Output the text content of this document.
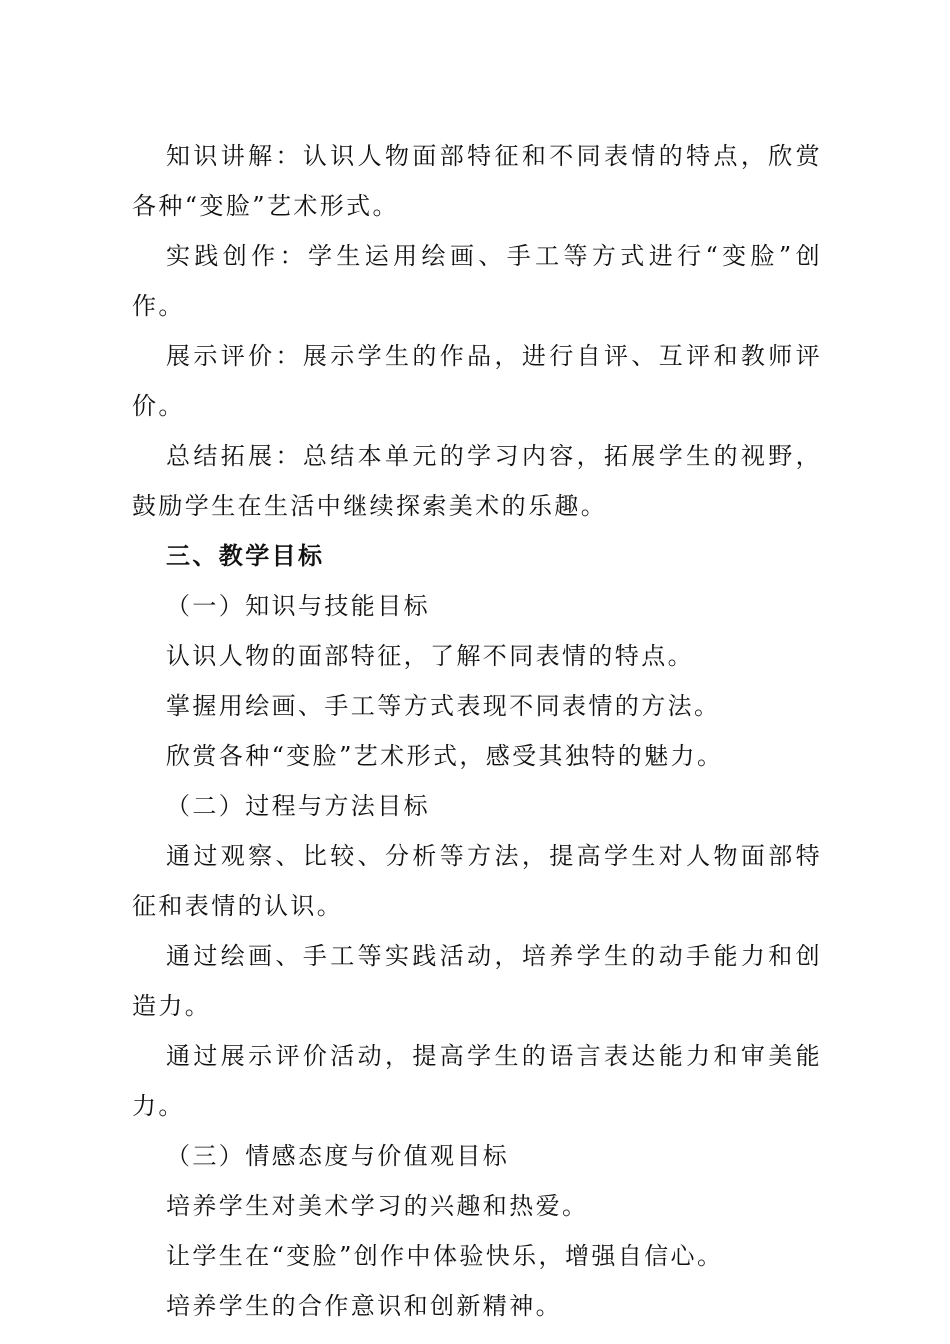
知识讲解：认识人物面部特征和不同表情的特点，欣赏各种“变脸”艺术形式。

实践创作：学生运用绘画、手工等方式进行“变脸”创作。

展示评价：展示学生的作品，进行自评、互评和教师评价。

总结拓展：总结本单元的学习内容，拓展学生的视野，鼓励学生在生活中继续探索美术的乐趣。

三、教学目标

（一）知识与技能目标

认识人物的面部特征，了解不同表情的特点。

掌握用绘画、手工等方式表现不同表情的方法。

欣赏各种“变脸”艺术形式，感受其独特的魅力。

（二）过程与方法目标

通过观察、比较、分析等方法，提高学生对人物面部特征和表情的认识。

通过绘画、手工等实践活动，培养学生的动手能力和创造力。

通过展示评价活动，提高学生的语言表达能力和审美能力。

（三）情感态度与价值观目标

培养学生对美术学习的兴趣和热爱。

让学生在“变脸”创作中体验快乐，增强自信心。

培养学生的合作意识和创新精神。
